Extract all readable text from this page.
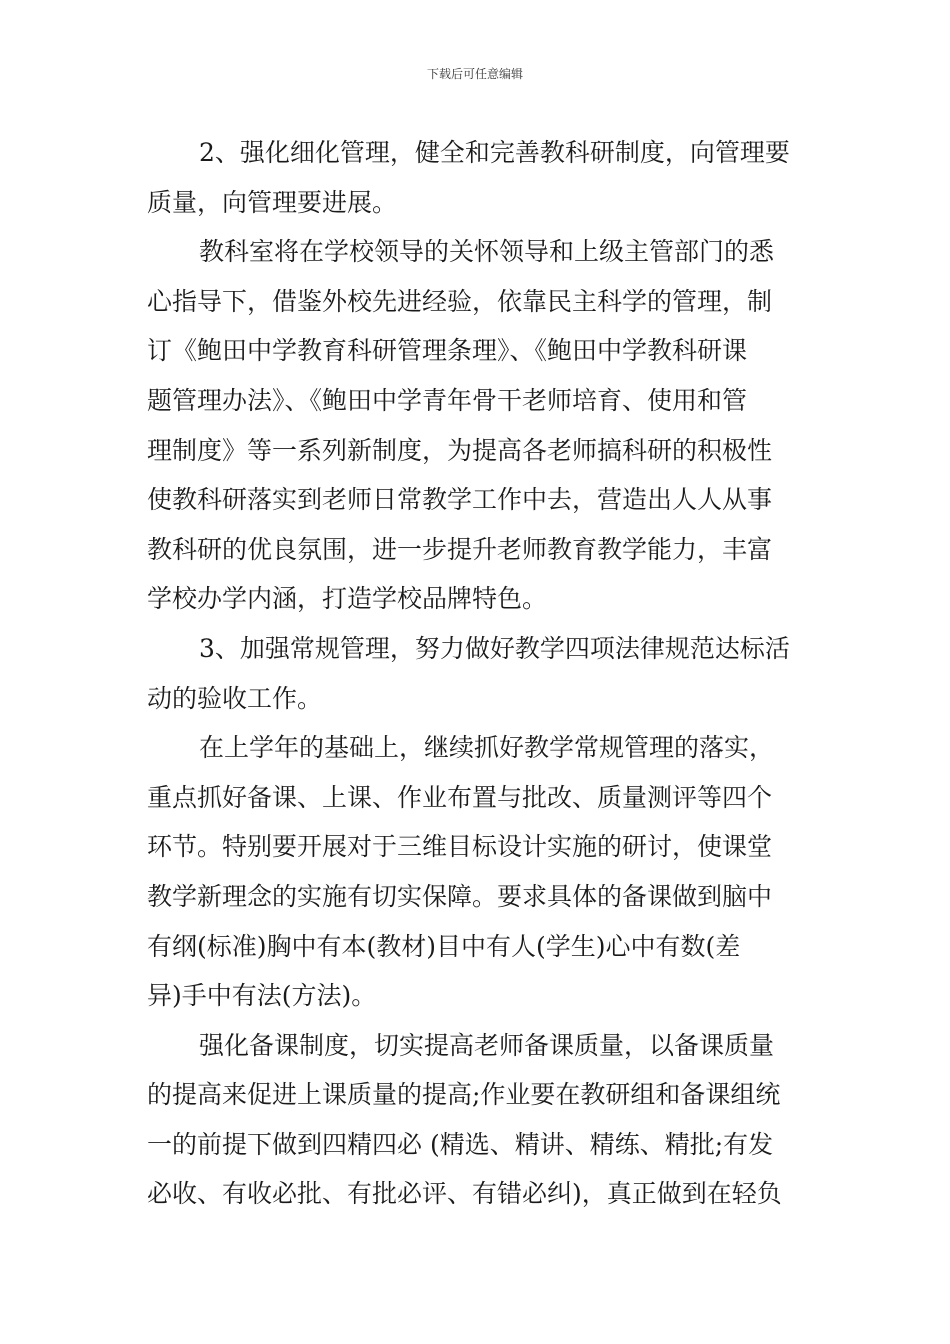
下载后可任意编辑
2、强化细化管理，健全和完善教科研制度，向管理要
质量，向管理要进展。
教科室将在学校领导的关怀领导和上级主管部门的悉
心指导下，借鉴外校先进经验，依靠民主科学的管理，制
订《鲍田中学教育科研管理条理》、《鲍田中学教科研课
题管理办法》、《鲍田中学青年骨干老师培育、使用和管
理制度》等一系列新制度，为提高各老师搞科研的积极性
使教科研落实到老师日常教学工作中去，营造出人人从事
教科研的优良氛围，进一步提升老师教育教学能力，丰富
学校办学内涵，打造学校品牌特色。
3、加强常规管理，努力做好教学四项法律规范达标活
动的验收工作。
在上学年的基础上，继续抓好教学常规管理的落实，
重点抓好备课、上课、作业布置与批改、质量测评等四个
环节。特别要开展对于三维目标设计实施的研讨，使课堂
教学新理念的实施有切实保障。要求具体的备课做到脑中
有纲(标准)胸中有本(教材)目中有人(学生)心中有数(差
异)手中有法(方法)。
强化备课制度，切实提高老师备课质量，以备课质量
的提高来促进上课质量的提高;作业要在教研组和备课组统
一的前提下做到四精四必 (精选、精讲、精练、精批;有发
必收、有收必批、有批必评、有错必纠)，真正做到在轻负
